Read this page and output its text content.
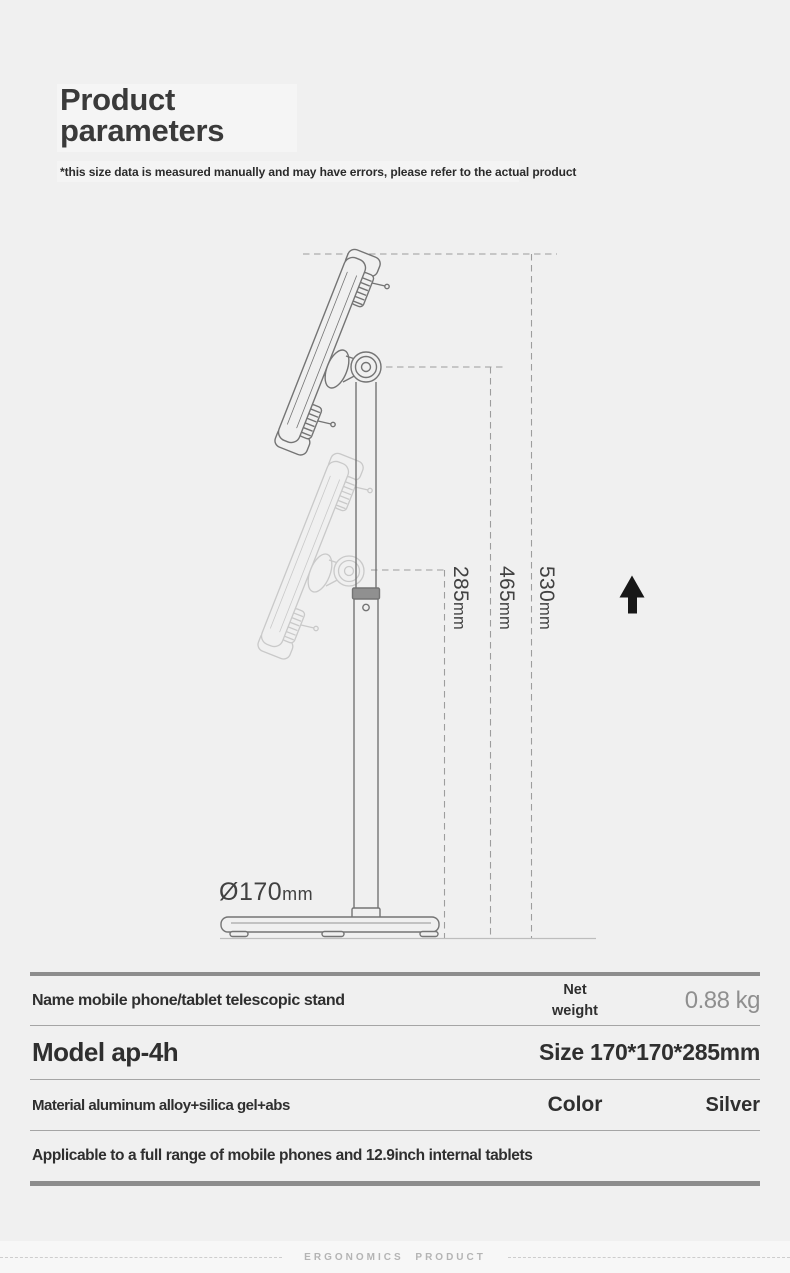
Product
parameters
*this size data is measured manually and may have errors, please refer to the actual product
285mm
465mm
530mm
Ø170mm
Name mobile phone/tablet telescopic stand
Net weight	0.88 kg
Model ap-4h	Size 170*170*285mm
Material aluminum alloy+silica gel+abs	Color	Silver
Applicable to a full range of mobile phones and 12.9inch internal tablets
ERGONOMICS PRODUCT
